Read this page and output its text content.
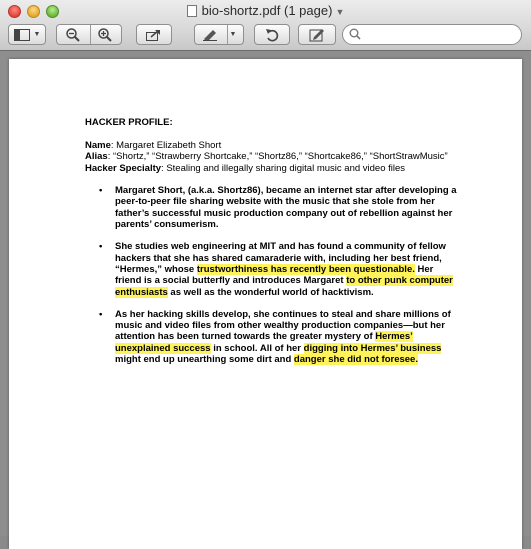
bio-shortz.pdf (1 page) ▼
▼	▼
HACKER PROFILE:
Name: Margaret Elizabeth Short
Alias: “Shortz,” “Strawberry Shortcake,” “Shortz86,” “Shortcake86,” “ShortStrawMusic”
Hacker Specialty: Stealing and illegally sharing digital music and video files
• Margaret Short, (a.k.a. Shortz86), became an internet star after developing a peer-to-peer file sharing website with the music that she stole from her father’s successful music production company out of rebellion against her parents’ consumerism.
• She studies web engineering at MIT and has found a community of fellow hackers that she has shared camaraderie with, including her best friend, “Hermes,” whose trustworthiness has recently been questionable. Her friend is a social butterfly and introduces Margaret to other punk computer enthusiasts as well as the wonderful world of hacktivism.
• As her hacking skills develop, she continues to steal and share millions of music and video files from other wealthy production companies—but her attention has been turned towards the greater mystery of Hermes’ unexplained success in school. All of her digging into Hermes’ business might end up unearthing some dirt and danger she did not foresee.
